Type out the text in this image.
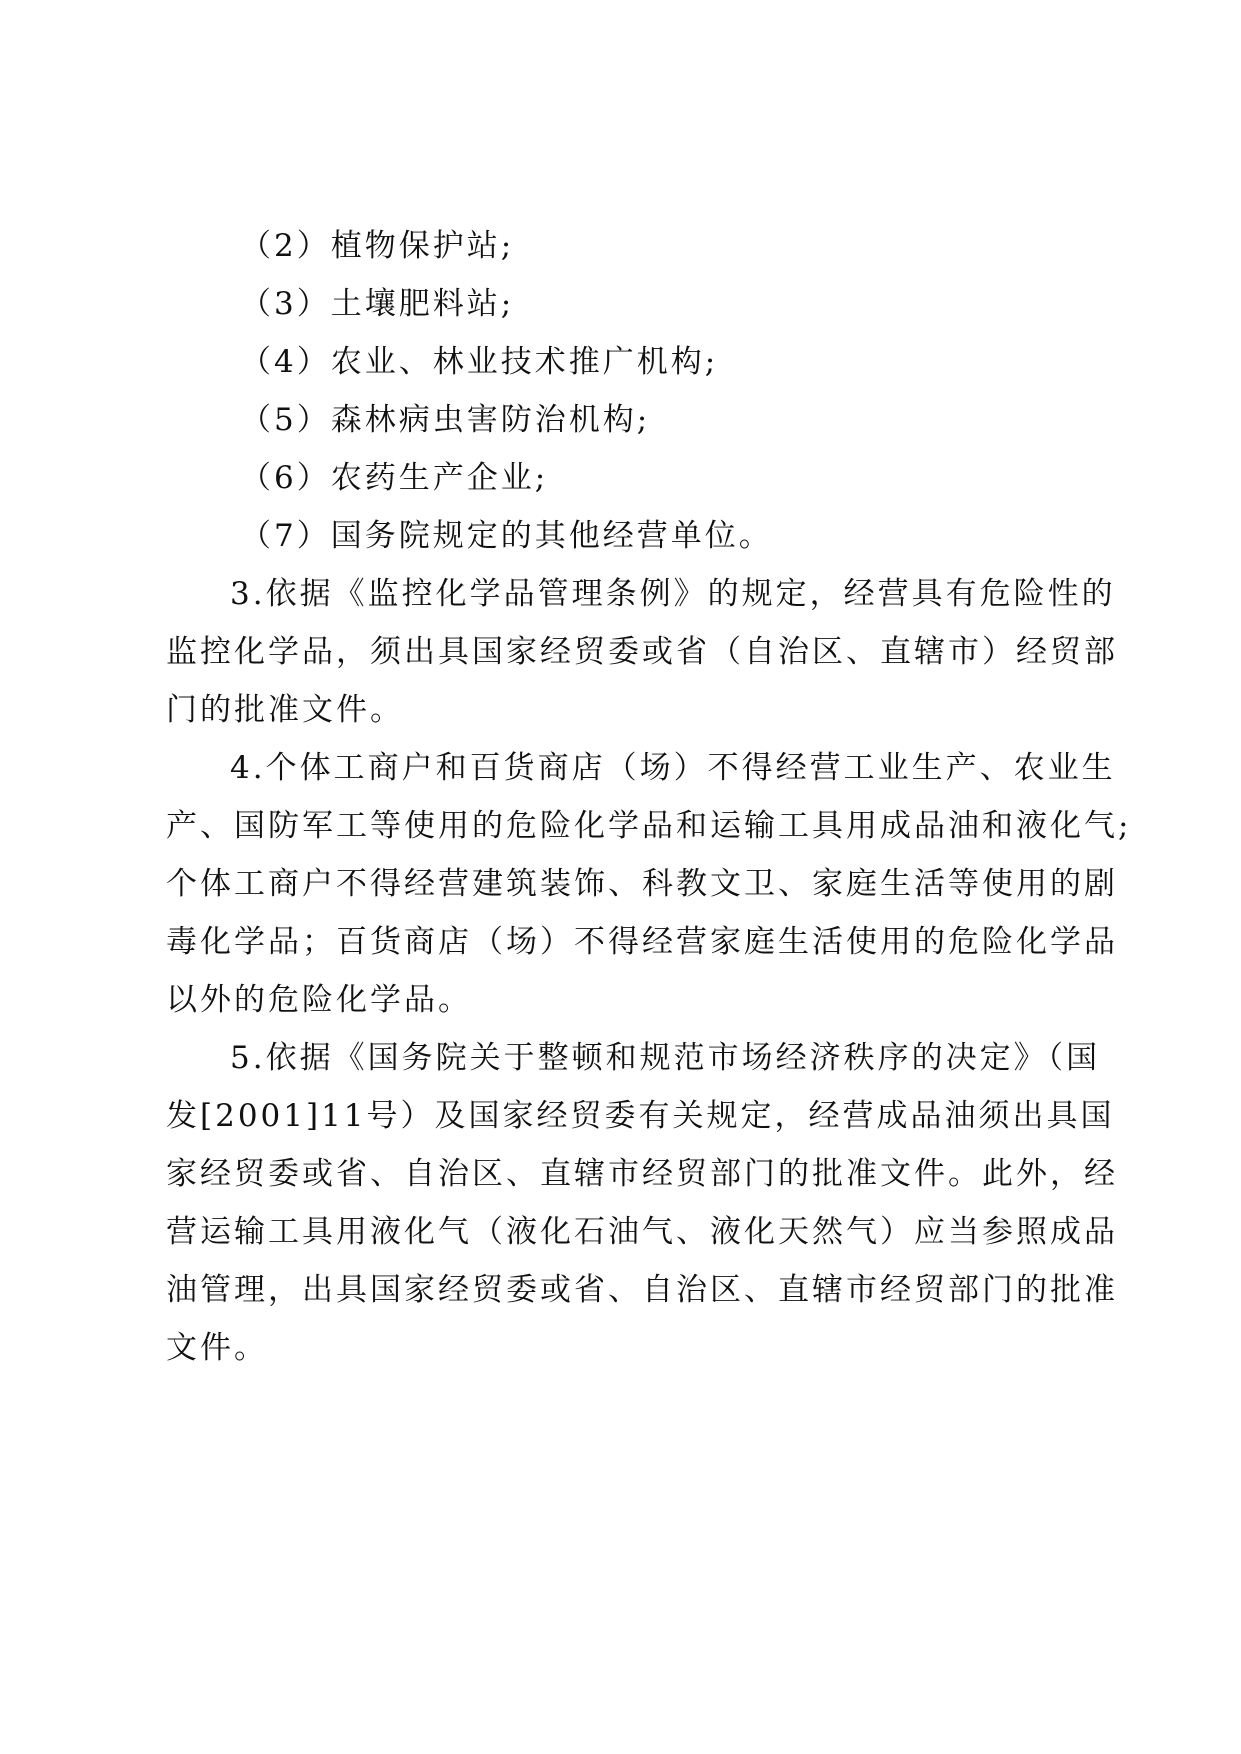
（2）植物保护站;
（3）土壤肥料站;
（4）农业、林业技术推广机构;
（5）森林病虫害防治机构;
（6）农药生产企业;
（7）国务院规定的其他经营单位。
3.依据《监控化学品管理条例》的规定，经营具有危险性的
监控化学品，须出具国家经贸委或省（自治区、直辖市）经贸部
门的批准文件。
4.个体工商户和百货商店（场）不得经营工业生产、农业生
产、国防军工等使用的危险化学品和运输工具用成品油和液化气;
个体工商户不得经营建筑装饰、科教文卫、家庭生活等使用的剧
毒化学品；百货商店（场）不得经营家庭生活使用的危险化学品
以外的危险化学品。
5.依据《国务院关于整顿和规范市场经济秩序的决定》（国
发[2001]11号）及国家经贸委有关规定，经营成品油须出具国
家经贸委或省、自治区、直辖市经贸部门的批准文件。此外，经
营运输工具用液化气（液化石油气、液化天然气）应当参照成品
油管理，出具国家经贸委或省、自治区、直辖市经贸部门的批准
文件。
